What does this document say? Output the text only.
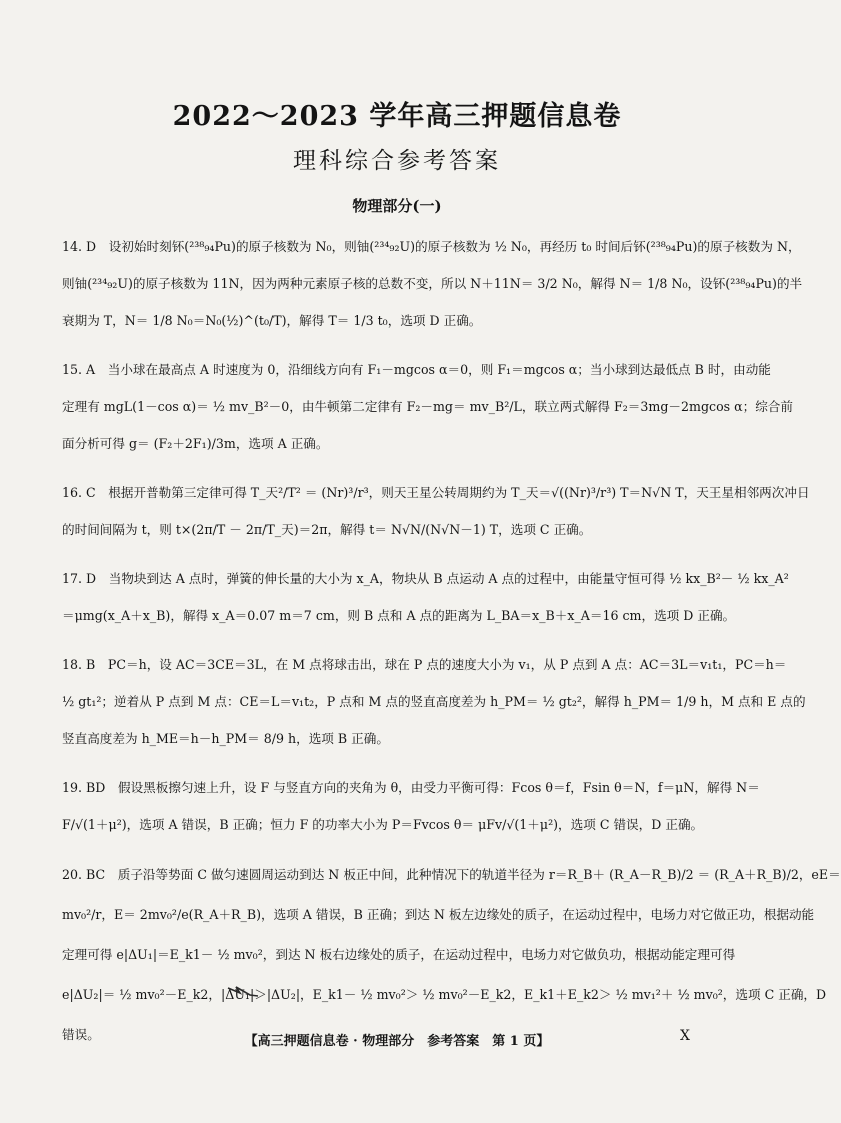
2022～2023 学年高三押题信息卷
理科综合参考答案
物理部分(一)

14. D　设初始时刻钚(²³⁸₉₄Pu)的原子核数为 N₀，则铀(²³⁴₉₂U)的原子核数为 ½ N₀，再经历 t₀ 时间后钚(²³⁸₉₄Pu)的原子核数为 N，

则铀(²³⁴₉₂U)的原子核数为 11N，因为两种元素原子核的总数不变，所以 N＋11N＝ 3/2 N₀，解得 N＝ 1/8 N₀，设钚(²³⁸₉₄Pu)的半

衰期为 T，N＝ 1/8 N₀＝N₀(½)^(t₀/T)，解得 T＝ 1/3 t₀，选项 D 正确。

15. A　当小球在最高点 A 时速度为 0，沿细线方向有 F₁－mgcos α＝0，则 F₁＝mgcos α；当小球到达最低点 B 时，由动能

定理有 mgL(1－cos α)＝ ½ mv_B²－0，由牛顿第二定律有 F₂－mg＝ mv_B²/L，联立两式解得 F₂＝3mg－2mgcos α；综合前

面分析可得 g＝ (F₂＋2F₁)/3m，选项 A 正确。

16. C　根据开普勒第三定律可得 T_天²/T² ＝ (Nr)³/r³，则天王星公转周期约为 T_天＝√((Nr)³/r³) T＝N√N T，天王星相邻两次冲日

的时间间隔为 t，则 t×(2π/T － 2π/T_天)＝2π，解得 t＝ N√N/(N√N－1) T，选项 C 正确。

17. D　当物块到达 A 点时，弹簧的伸长量的大小为 x_A，物块从 B 点运动 A 点的过程中，由能量守恒可得 ½ kx_B²－ ½ kx_A²

＝μmg(x_A＋x_B)，解得 x_A＝0.07 m＝7 cm，则 B 点和 A 点的距离为 L_BA＝x_B＋x_A＝16 cm，选项 D 正确。

18. B　PC＝h，设 AC＝3CE＝3L，在 M 点将球击出，球在 P 点的速度大小为 v₁，从 P 点到 A 点：AC＝3L＝v₁t₁，PC＝h＝

½ gt₁²；逆着从 P 点到 M 点：CE＝L＝v₁t₂，P 点和 M 点的竖直高度差为 h_PM＝ ½ gt₂²，解得 h_PM＝ 1/9 h，M 点和 E 点的

竖直高度差为 h_ME＝h－h_PM＝ 8/9 h，选项 B 正确。

19. BD　假设黑板擦匀速上升，设 F 与竖直方向的夹角为 θ，由受力平衡可得：Fcos θ＝f，Fsin θ＝N，f＝μN，解得 N＝

F/√(1＋μ²)，选项 A 错误，B 正确；恒力 F 的功率大小为 P＝Fvcos θ＝ μFv/√(1＋μ²)，选项 C 错误，D 正确。

20. BC　质子沿等势面 C 做匀速圆周运动到达 N 板正中间，此种情况下的轨道半径为 r＝R_B＋ (R_A－R_B)/2 ＝ (R_A＋R_B)/2，eE＝

mv₀²/r，E＝ 2mv₀²/e(R_A＋R_B)，选项 A 错误，B 正确；到达 N 板左边缘处的质子，在运动过程中，电场力对它做正功，根据动能

定理可得 e|ΔU₁|＝E_k1－ ½ mv₀²，到达 N 板右边缘处的质子，在运动过程中，电场力对它做负功，根据动能定理可得

e|ΔU₂|＝ ½ mv₀²－E_k2，|ΔU₁|＞|ΔU₂|，E_k1－ ½ mv₀²＞ ½ mv₀²－E_k2，E_k1＋E_k2＞ ½ mv₁²＋ ½ mv₀²，选项 C 正确，D

错误。	【高三押题信息卷 · 物理部分　参考答案　第 1 页】	X
